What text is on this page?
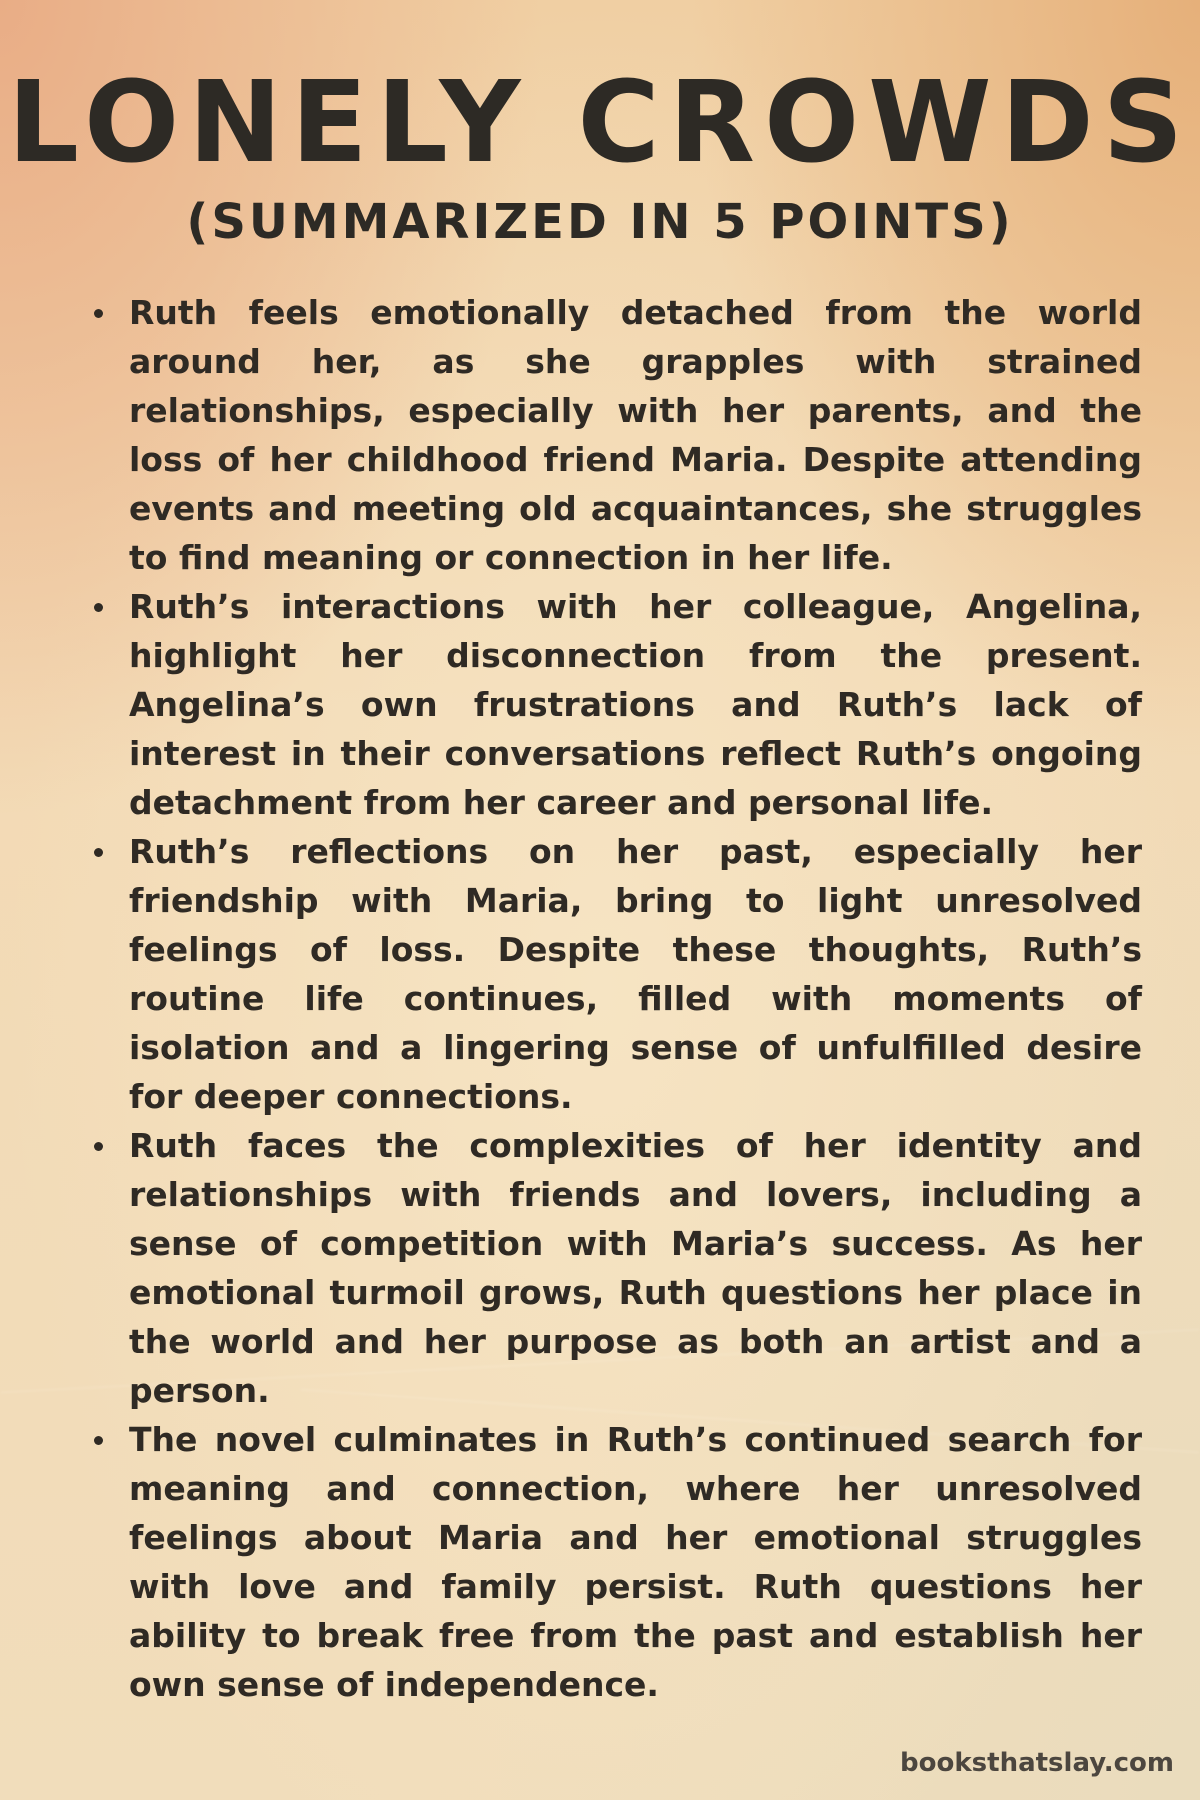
LONELY CROWDS
(SUMMARIZED IN 5 POINTS)
Ruth feels emotionally detached from the world around her, as she grapples with strained relationships, especially with her parents, and the loss of her childhood friend Maria. Despite attending events and meeting old acquaintances, she struggles to find meaning or connection in her life.
Ruth’s interactions with her colleague, Angelina, highlight her disconnection from the present. Angelina’s own frustrations and Ruth’s lack of interest in their conversations reflect Ruth’s ongoing detachment from her career and personal life.
Ruth’s reflections on her past, especially her friendship with Maria, bring to light unresolved feelings of loss. Despite these thoughts, Ruth’s routine life continues, filled with moments of isolation and a lingering sense of unfulfilled desire for deeper connections.
Ruth faces the complexities of her identity and relationships with friends and lovers, including a sense of competition with Maria’s success. As her emotional turmoil grows, Ruth questions her place in the world and her purpose as both an artist and a person.
The novel culminates in Ruth’s continued search for meaning and connection, where her unresolved feelings about Maria and her emotional struggles with love and family persist. Ruth questions her ability to break free from the past and establish her own sense of independence.
booksthatslay.com
